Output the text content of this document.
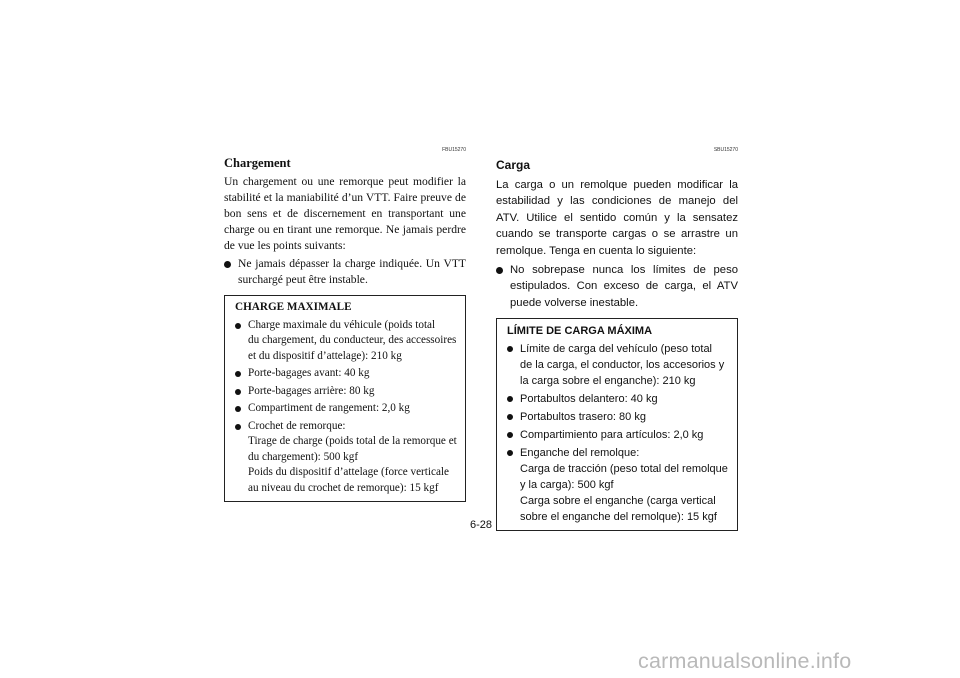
FBU15270
Chargement

Un chargement ou une remorque peut modifier la stabilité et la maniabilité d’un VTT. Faire preuve de bon sens et de discernement en transportant une charge ou en tirant une remorque. Ne jamais perdre de vue les points suivants:

Ne jamais dépasser la charge indiquée. Un VTT surchargé peut être instable.
CHARGE MAXIMALE
Charge maximale du véhicule (poids total
du chargement, du conducteur, des accessoires
et du dispositif d’attelage): 210 kg
Porte-bagages avant: 40 kg
Porte-bagages arrière: 80 kg
Compartiment de rangement: 2,0 kg
Crochet de remorque:
Tirage de charge (poids total de la remorque et
du chargement): 500 kgf
Poids du dispositif d’attelage (force verticale
au niveau du crochet de remorque): 15 kgf
SBU15270
Carga

La carga o un remolque pueden modificar la estabilidad y las condiciones de manejo del ATV. Utilice el sentido común y la sensatez cuando se transporte cargas o se arrastre un remolque. Tenga en cuenta lo siguiente:

No sobrepase nunca los límites de peso estipulados. Con exceso de carga, el ATV puede volverse inestable.
LÍMITE DE CARGA MÁXIMA
Límite de carga del vehículo (peso total
de la carga, el conductor, los accesorios y
la carga sobre el enganche): 210 kg
Portabultos delantero: 40 kg
Portabultos trasero: 80 kg
Compartimiento para artículos: 2,0 kg
Enganche del remolque:
Carga de tracción (peso total del remolque
y la carga): 500 kgf
Carga sobre el enganche (carga vertical
sobre el enganche del remolque): 15 kgf
6-28
carmanualsonline.info
